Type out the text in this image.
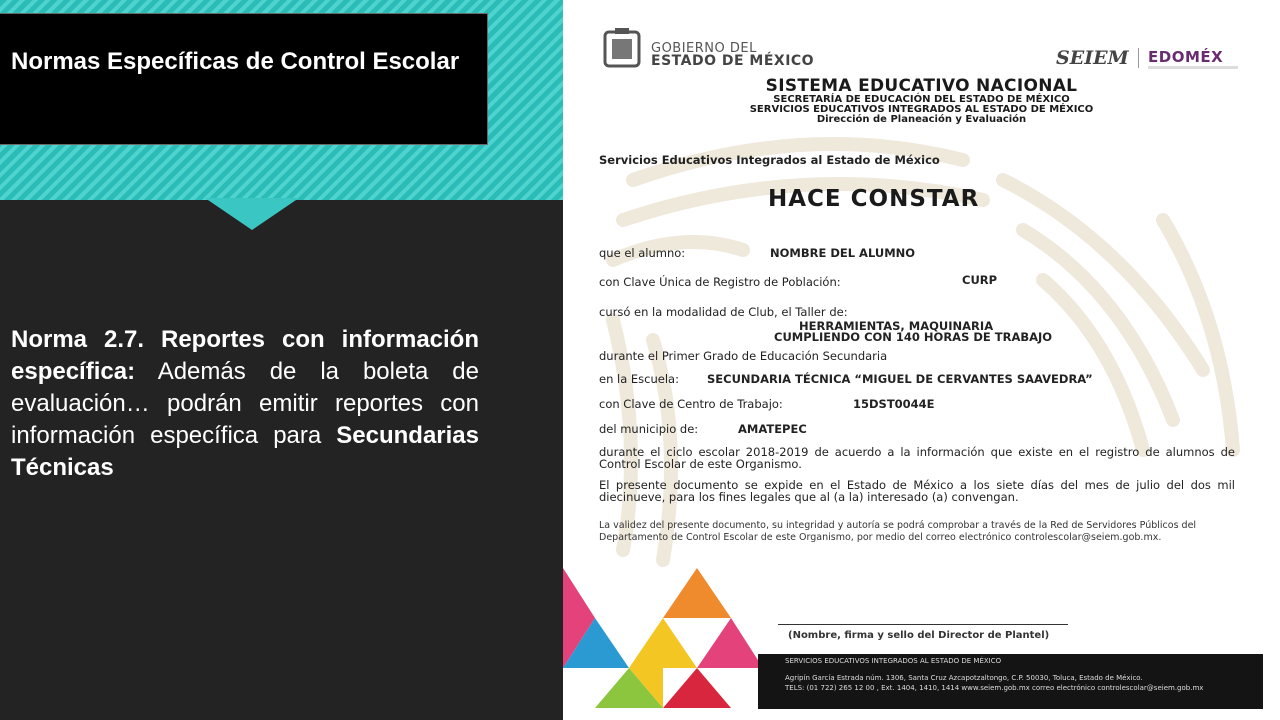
Normas Específicas de Control Escolar
Norma 2.7. Reportes con información específica: Además de la boleta de evaluación… podrán emitir reportes con información específica para Secundarias Técnicas
GOBIERNO DEL
ESTADO DE MÉXICO	SEIEM EDOMÉX
SISTEMA EDUCATIVO NACIONAL
SECRETARÍA DE EDUCACIÓN DEL ESTADO DE MÉXICO
SERVICIOS EDUCATIVOS INTEGRADOS AL ESTADO DE MÉXICO
Dirección de Planeación y Evaluación
Servicios Educativos Integrados al Estado de México
HACE CONSTAR
que el alumno:	NOMBRE DEL ALUMNO
con Clave Única de Registro de Población:	CURP
cursó en la modalidad de Club, el Taller de:
HERRAMIENTAS, MAQUINARIA
CUMPLIENDO CON 140 HORAS DE TRABAJO
durante el Primer Grado de Educación Secundaria
en la Escuela: SECUNDARIA TÉCNICA “MIGUEL DE CERVANTES SAAVEDRA”
con Clave de Centro de Trabajo:	15DST0044E
del municipio de:	AMATEPEC
durante el ciclo escolar 2018-2019 de acuerdo a la información que existe en el registro de alumnos de Control Escolar de este Organismo.
El presente documento se expide en el Estado de México a los siete días del mes de julio del dos mil diecinueve, para los fines legales que al (a la) interesado (a) convengan.
La validez del presente documento, su integridad y autoría se podrá comprobar a través de la Red de Servidores Públicos del Departamento de Control Escolar de este Organismo, por medio del correo electrónico controlescolar@seiem.gob.mx.
(Nombre, firma y sello del Director de Plantel)
SERVICIOS EDUCATIVOS INTEGRADOS AL ESTADO DE MÉXICO
Agripín García Estrada núm. 1306, Santa Cruz Azcapotzaltongo, C.P. 50030, Toluca, Estado de México.
TELS: (01 722) 265 12 00 , Ext. 1404, 1410, 1414 www.seiem.gob.mx correo electrónico controlescolar@seiem.gob.mx
